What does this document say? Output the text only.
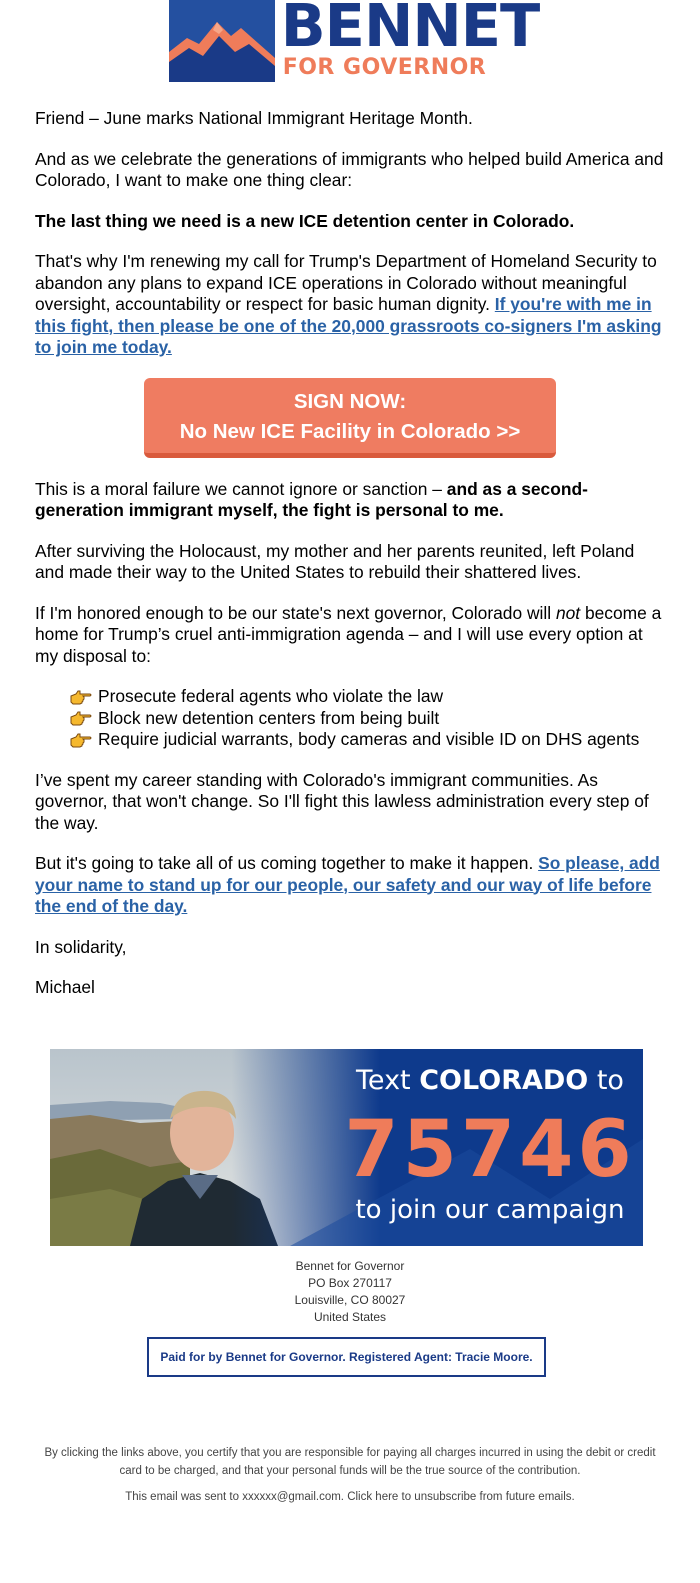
BENNET
FOR GOVERNOR

Friend – June marks National Immigrant Heritage Month.

And as we celebrate the generations of immigrants who helped build America and Colorado, I want to make one thing clear:

The last thing we need is a new ICE detention center in Colorado.

That's why I'm renewing my call for Trump's Department of Homeland Security to abandon any plans to expand ICE operations in Colorado without meaningful oversight, accountability or respect for basic human dignity. If you're with me in this fight, then please be one of the 20,000 grassroots co-signers I'm asking to join me today.

SIGN NOW:
No New ICE Facility in Colorado >>

This is a moral failure we cannot ignore or sanction – and as a second-generation immigrant myself, the fight is personal to me.

After surviving the Holocaust, my mother and her parents reunited, left Poland and made their way to the United States to rebuild their shattered lives.

If I'm honored enough to be our state's next governor, Colorado will not become a home for Trump’s cruel anti-immigration agenda – and I will use every option at my disposal to:

Prosecute federal agents who violate the law
Block new detention centers from being built
Require judicial warrants, body cameras and visible ID on DHS agents

I’ve spent my career standing with Colorado's immigrant communities. As governor, that won't change. So I'll fight this lawless administration every step of the way.

But it's going to take all of us coming together to make it happen. So please, add your name to stand up for our people, our safety and our way of life before the end of the day.

In solidarity,

Michael

Text COLORADO to
75746
to join our campaign
Bennet for Governor
PO Box 270117
Louisville, CO 80027
United States
Paid for by Bennet for Governor. Registered Agent: Tracie Moore.
By clicking the links above, you certify that you are responsible for paying all charges incurred in using the debit or credit card to be charged, and that your personal funds will be the true source of the contribution.
This email was sent to xxxxxx@gmail.com. Click here to unsubscribe from future emails.
